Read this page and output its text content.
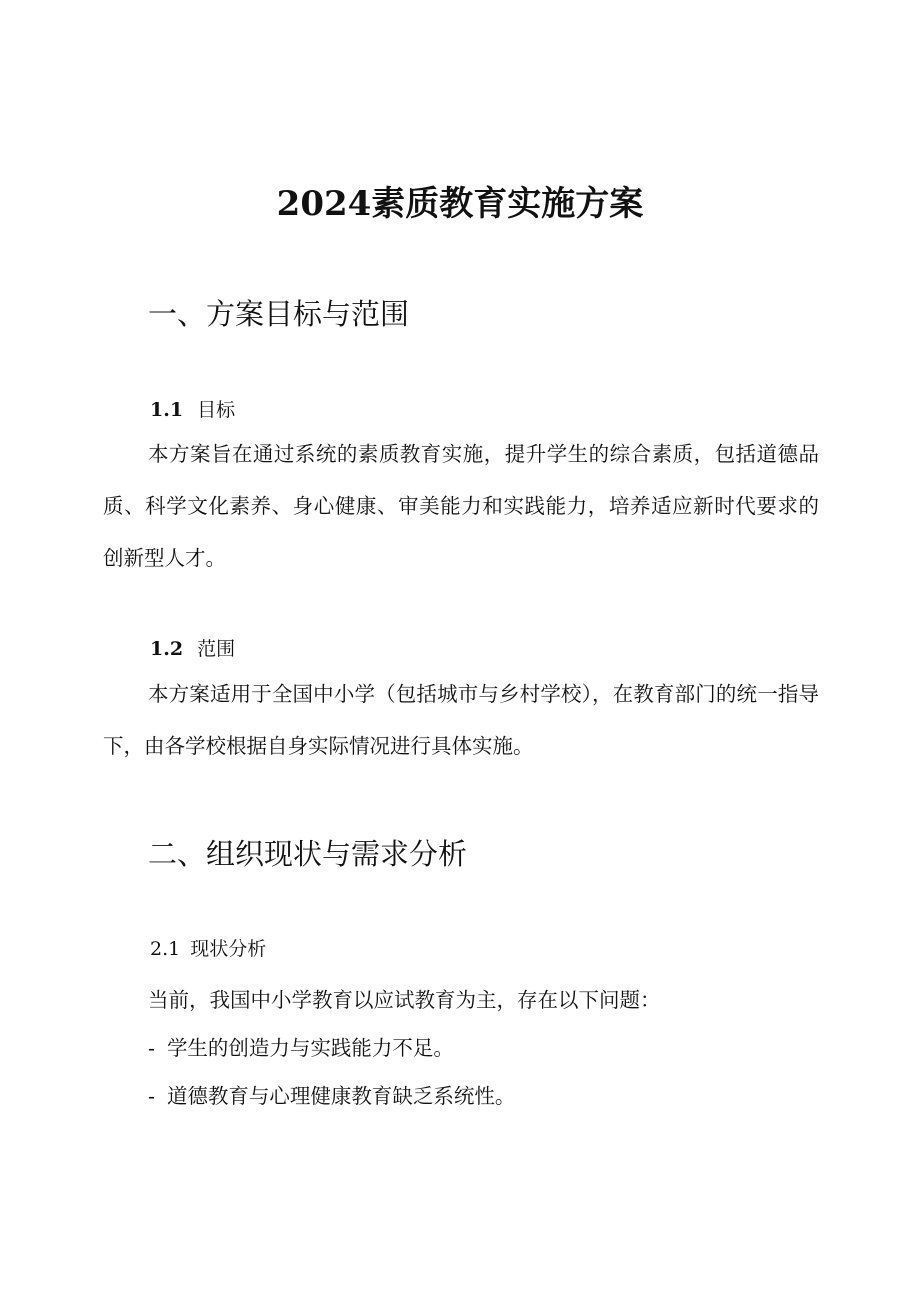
2024素质教育实施方案
一、方案目标与范围
1.1 目标
本方案旨在通过系统的素质教育实施，提升学生的综合素质，包括道德品质、科学文化素养、身心健康、审美能力和实践能力，培养适应新时代要求的创新型人才。
1.2 范围
本方案适用于全国中小学（包括城市与乡村学校），在教育部门的统一指导下，由各学校根据自身实际情况进行具体实施。
二、组织现状与需求分析
2.1 现状分析
当前，我国中小学教育以应试教育为主，存在以下问题：
- 学生的创造力与实践能力不足。
- 道德教育与心理健康教育缺乏系统性。
